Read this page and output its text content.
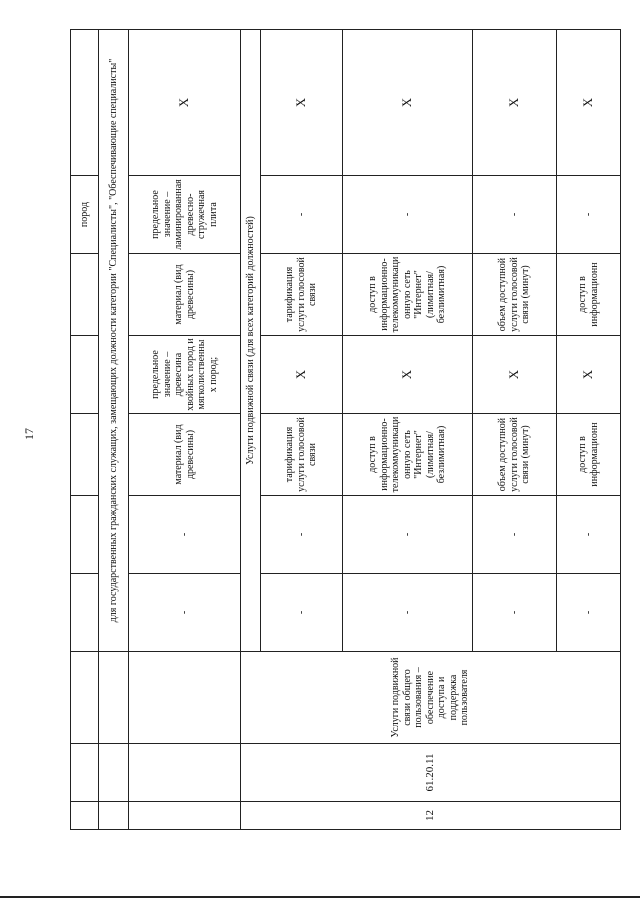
17
								пород	
			для государственных гражданских служащих, замещающих должности категории "Специалисты", "Обеспечивающие специалисты"						
			-	-	материал (вид древесины)	предельное значение – древесина хвойных пород и мягколиственных пород;	материал (вид древесины)	предельное значение – ламинированная древесно-стружечная плита	X
12	61.20.11	Услуги подвижной связи общего пользования – обеспечение доступа и поддержка пользователя	Услуги подвижной связи (для всех категорий должностей)						
			-	-	тарификация услуги голосовой связи	X	тарификация услуги голосовой связи	-	X
			-	-	доступ в информационно-телекоммуникационную сеть "Интернет" (лимитная/безлимитная)	X	доступ в информационно-телекоммуникационную сеть "Интернет" (лимитная/безлимитная)	-	X
			-	-	объем доступной услуги голосовой связи (минут)	X	объем доступной услуги голосовой связи (минут)	-	X
			-	-	доступ в информационн	X	доступ в информационн	-	X
